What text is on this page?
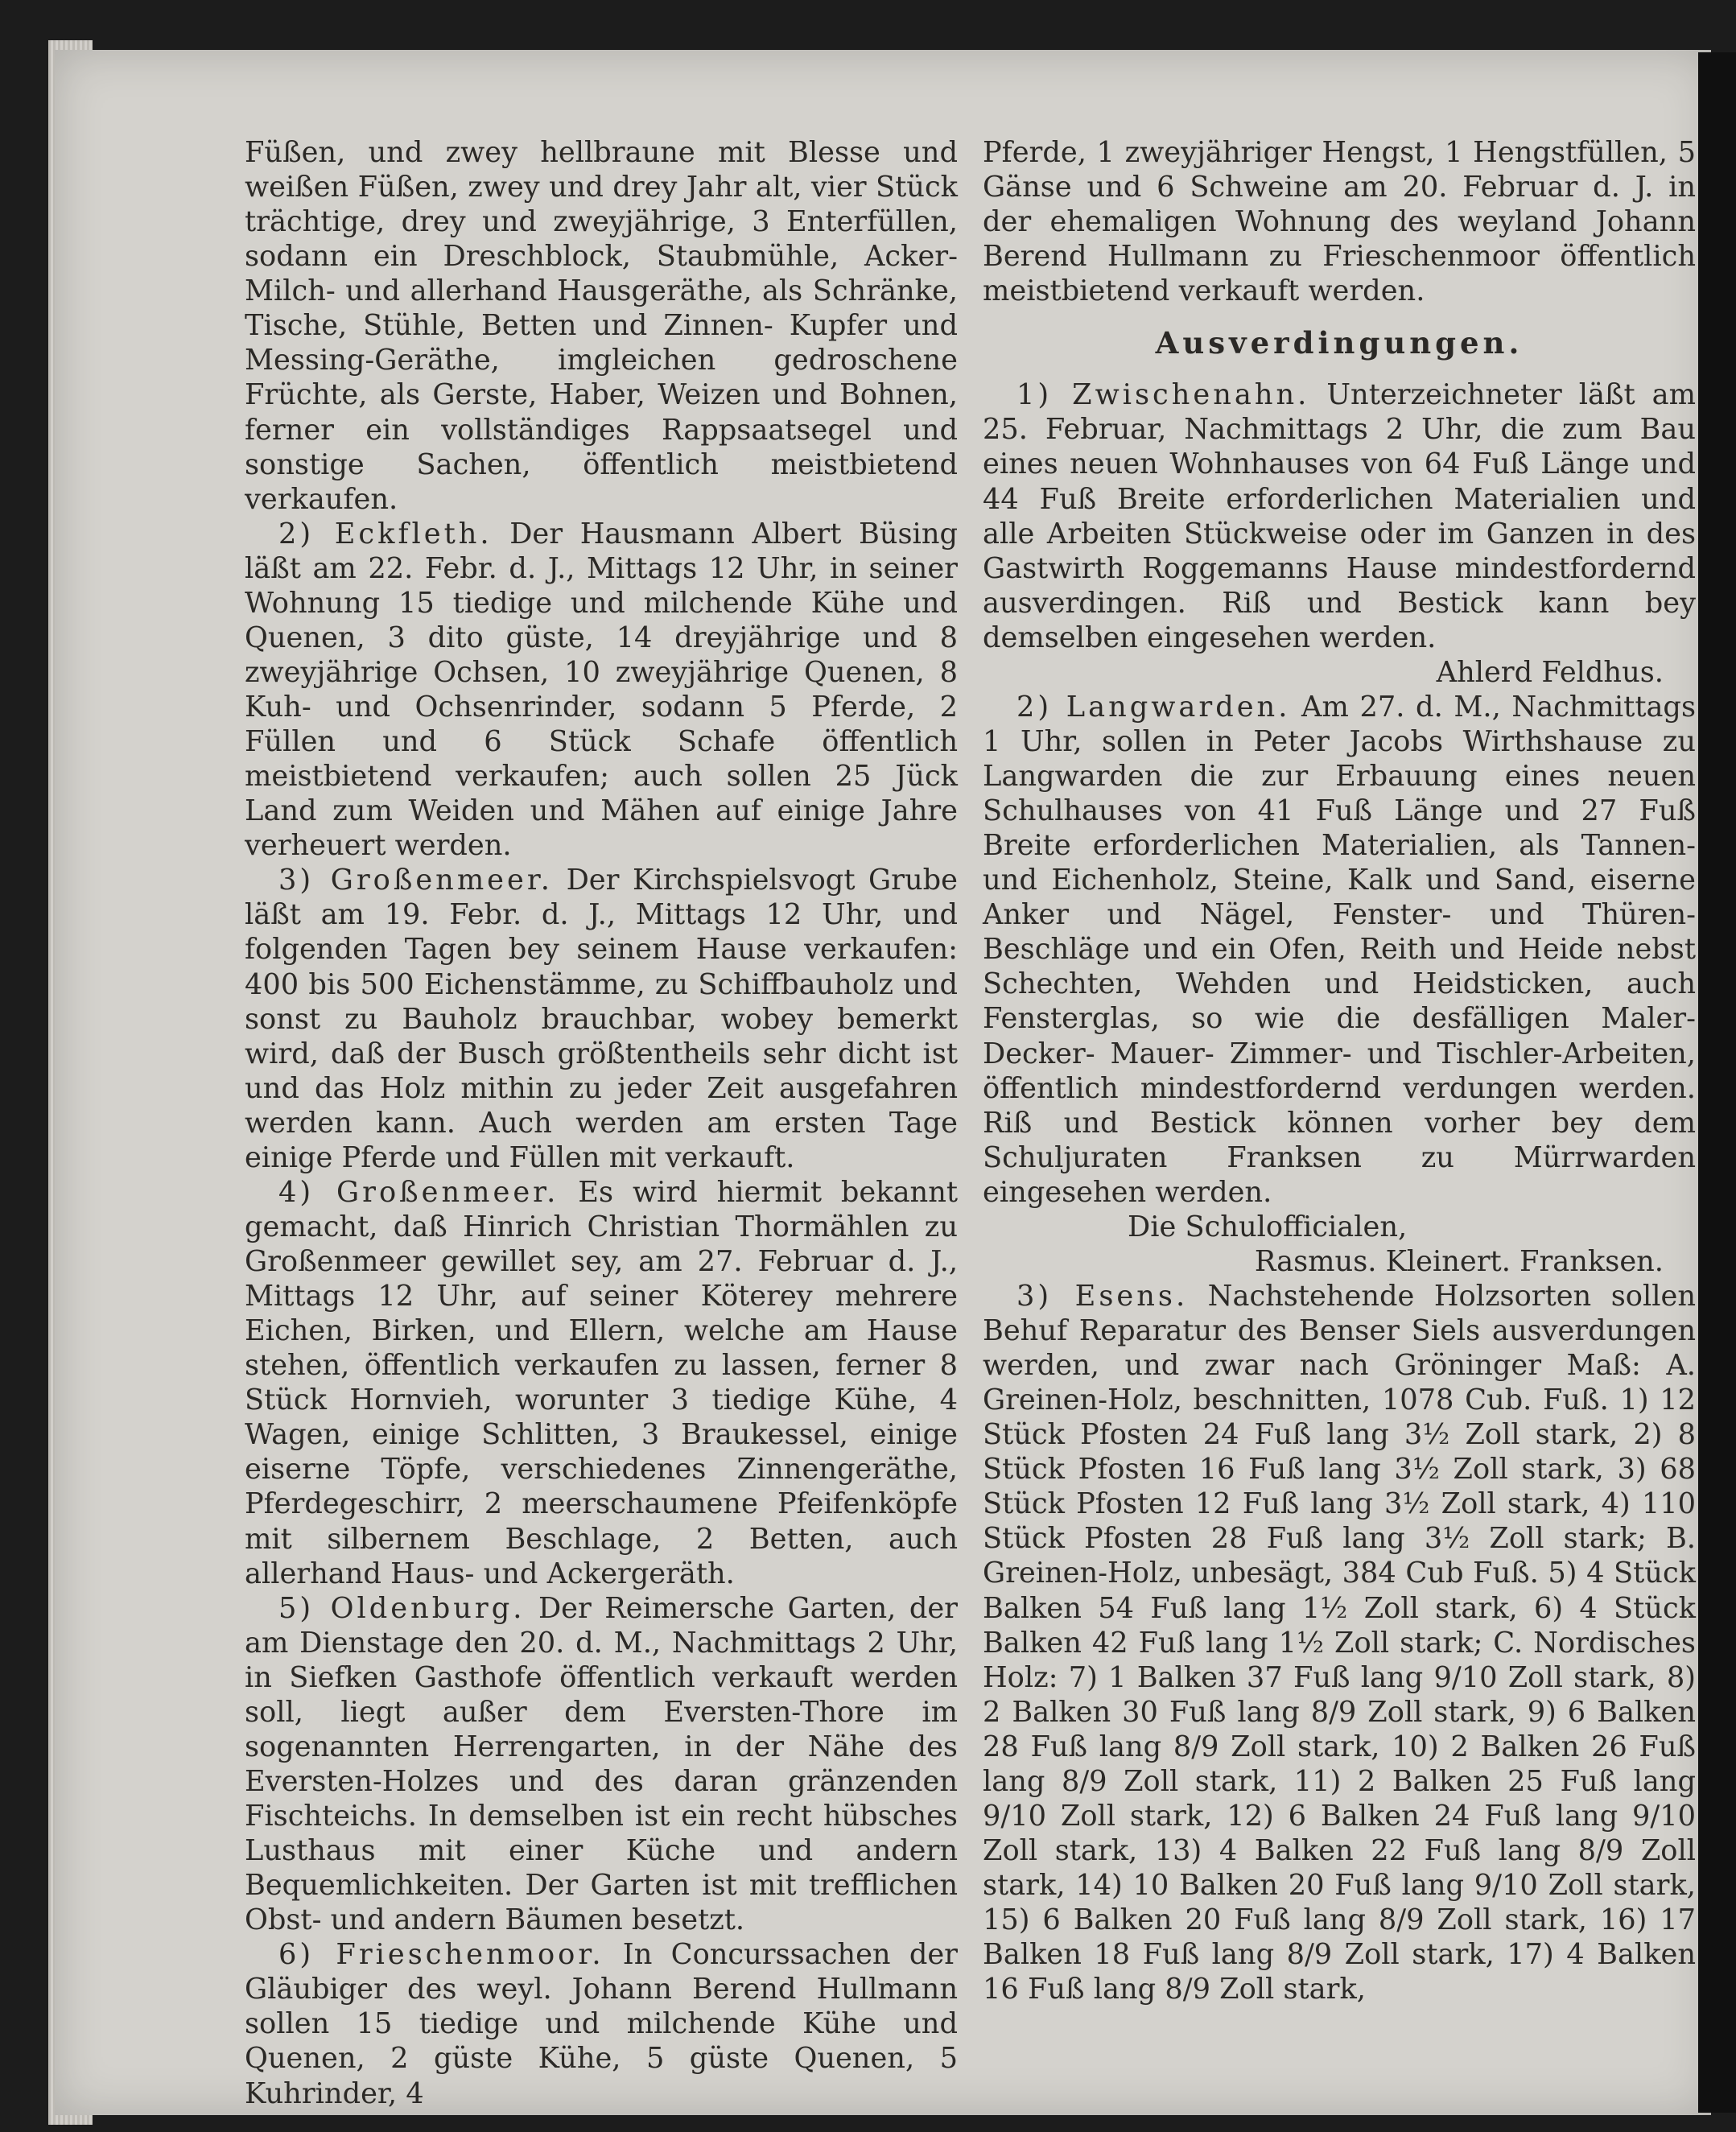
Füßen, und zwey hellbraune mit Blesse und weißen Füßen, zwey und drey Jahr alt, vier Stück trächtige, drey und zweyjährige, 3 Enterfüllen, sodann ein Dreschblock, Staubmühle, Acker- Milch- und allerhand Hausgeräthe, als Schränke, Tische, Stühle, Betten und Zinnen- Kupfer und Messing-Geräthe, imgleichen gedroschene Früchte, als Gerste, Haber, Weizen und Bohnen, ferner ein vollständiges Rappsaatsegel und sonstige Sachen, öffentlich meistbietend verkaufen.

2) Eckfleth. Der Hausmann Albert Büsing läßt am 22. Febr. d. J., Mittags 12 Uhr, in seiner Wohnung 15 tiedige und milchende Kühe und Quenen, 3 dito güste, 14 dreyjährige und 8 zweyjährige Ochsen, 10 zweyjährige Quenen, 8 Kuh- und Ochsenrinder, sodann 5 Pferde, 2 Füllen und 6 Stück Schafe öffentlich meistbietend verkaufen; auch sollen 25 Jück Land zum Weiden und Mähen auf einige Jahre verheuert werden.

3) Großenmeer. Der Kirchspielsvogt Grube läßt am 19. Febr. d. J., Mittags 12 Uhr, und folgenden Tagen bey seinem Hause verkaufen: 400 bis 500 Eichenstämme, zu Schiffbauholz und sonst zu Bauholz brauchbar, wobey bemerkt wird, daß der Busch größtentheils sehr dicht ist und das Holz mithin zu jeder Zeit ausgefahren werden kann. Auch werden am ersten Tage einige Pferde und Füllen mit verkauft.

4) Großenmeer. Es wird hiermit bekannt gemacht, daß Hinrich Christian Thormählen zu Großenmeer gewillet sey, am 27. Februar d. J., Mittags 12 Uhr, auf seiner Köterey mehrere Eichen, Birken, und Ellern, welche am Hause stehen, öffentlich verkaufen zu lassen, ferner 8 Stück Hornvieh, worunter 3 tiedige Kühe, 4 Wagen, einige Schlitten, 3 Braukessel, einige eiserne Töpfe, verschiedenes Zinnengeräthe, Pferdegeschirr, 2 meerschaumene Pfeifenköpfe mit silbernem Beschlage, 2 Betten, auch allerhand Haus- und Ackergeräth.

5) Oldenburg. Der Reimersche Garten, der am Dienstage den 20. d. M., Nachmittags 2 Uhr, in Siefken Gasthofe öffentlich verkauft werden soll, liegt außer dem Eversten-Thore im sogenannten Herrengarten, in der Nähe des Eversten-Holzes und des daran gränzenden Fischteichs. In demselben ist ein recht hübsches Lusthaus mit einer Küche und andern Bequemlichkeiten. Der Garten ist mit trefflichen Obst- und andern Bäumen besetzt.

6) Frieschenmoor. In Concurssachen der Gläubiger des weyl. Johann Berend Hullmann sollen 15 tiedige und milchende Kühe und Quenen, 2 güste Kühe, 5 güste Quenen, 5 Kuhrinder, 4

Pferde, 1 zweyjähriger Hengst, 1 Hengstfüllen, 5 Gänse und 6 Schweine am 20. Februar d. J. in der ehemaligen Wohnung des weyland Johann Berend Hullmann zu Frieschenmoor öffentlich meistbietend verkauft werden.

Ausverdingungen.

1) Zwischenahn. Unterzeichneter läßt am 25. Februar, Nachmittags 2 Uhr, die zum Bau eines neuen Wohnhauses von 64 Fuß Länge und 44 Fuß Breite erforderlichen Materialien und alle Arbeiten Stückweise oder im Ganzen in des Gastwirth Roggemanns Hause mindestfordernd ausverdingen. Riß und Bestick kann bey demselben eingesehen werden.

Ahlerd Feldhus.

2) Langwarden. Am 27. d. M., Nachmittags 1 Uhr, sollen in Peter Jacobs Wirthshause zu Langwarden die zur Erbauung eines neuen Schulhauses von 41 Fuß Länge und 27 Fuß Breite erforderlichen Materialien, als Tannen- und Eichenholz, Steine, Kalk und Sand, eiserne Anker und Nägel, Fenster- und Thüren-Beschläge und ein Ofen, Reith und Heide nebst Schechten, Wehden und Heidsticken, auch Fensterglas, so wie die desfälligen Maler- Decker- Mauer- Zimmer- und Tischler-Arbeiten, öffentlich mindestfordernd verdungen werden. Riß und Bestick können vorher bey dem Schuljuraten Franksen zu Mürrwarden eingesehen werden.

Die Schulofficialen,

Rasmus. Kleinert. Franksen.

3) Esens. Nachstehende Holzsorten sollen Behuf Reparatur des Benser Siels ausverdungen werden, und zwar nach Gröninger Maß: A. Greinen-Holz, beschnitten, 1078 Cub. Fuß. 1) 12 Stück Pfosten 24 Fuß lang 3½ Zoll stark, 2) 8 Stück Pfosten 16 Fuß lang 3½ Zoll stark, 3) 68 Stück Pfosten 12 Fuß lang 3½ Zoll stark, 4) 110 Stück Pfosten 28 Fuß lang 3½ Zoll stark; B. Greinen-Holz, unbesägt, 384 Cub Fuß. 5) 4 Stück Balken 54 Fuß lang 1½ Zoll stark, 6) 4 Stück Balken 42 Fuß lang 1½ Zoll stark; C. Nordisches Holz: 7) 1 Balken 37 Fuß lang 9/10 Zoll stark, 8) 2 Balken 30 Fuß lang 8/9 Zoll stark, 9) 6 Balken 28 Fuß lang 8/9 Zoll stark, 10) 2 Balken 26 Fuß lang 8/9 Zoll stark, 11) 2 Balken 25 Fuß lang 9/10 Zoll stark, 12) 6 Balken 24 Fuß lang 9/10 Zoll stark, 13) 4 Balken 22 Fuß lang 8/9 Zoll stark, 14) 10 Balken 20 Fuß lang 9/10 Zoll stark, 15) 6 Balken 20 Fuß lang 8/9 Zoll stark, 16) 17 Balken 18 Fuß lang 8/9 Zoll stark, 17) 4 Balken 16 Fuß lang 8/9 Zoll stark,
